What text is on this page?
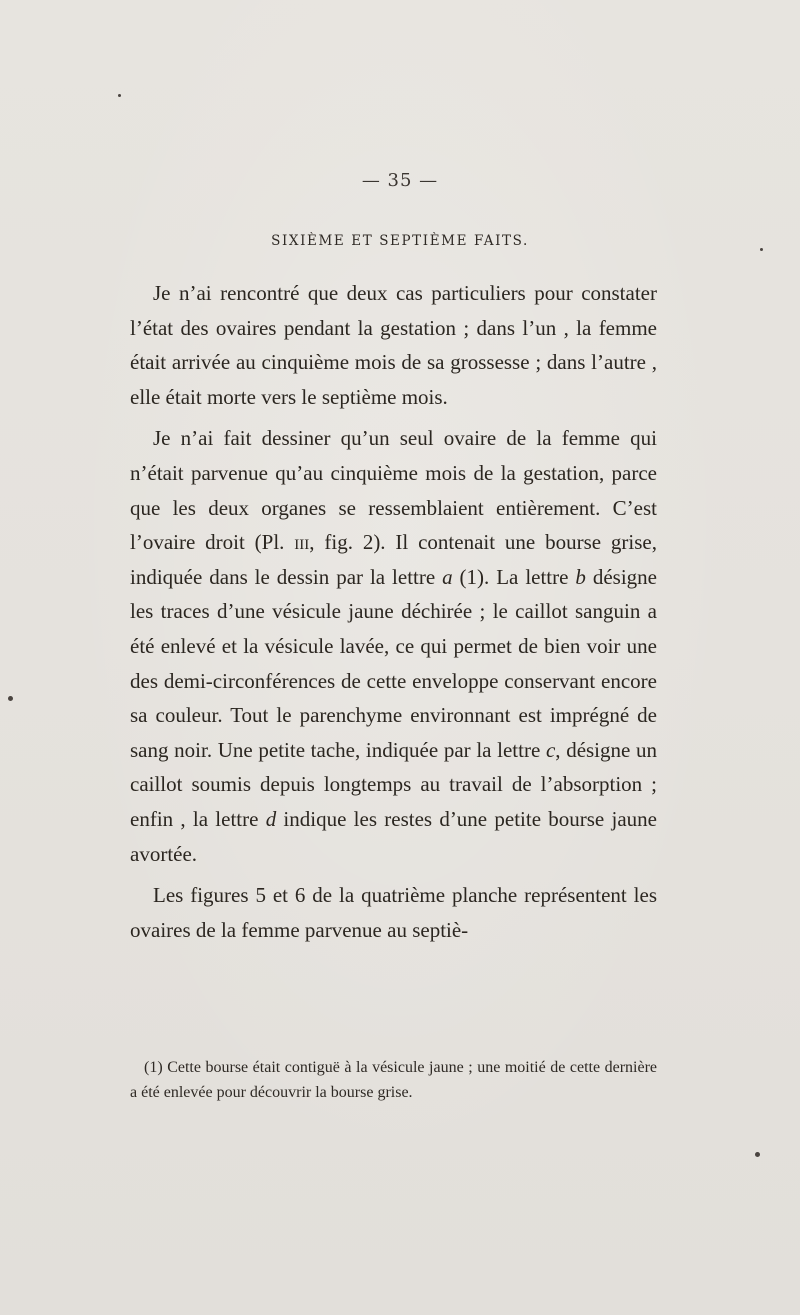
— 35 —
SIXIÈME ET SEPTIÈME FAITS.

Je n’ai rencontré que deux cas particuliers pour constater l’état des ovaires pendant la gestation ; dans l’un , la femme était arrivée au cinquième mois de sa grossesse ; dans l’autre , elle était morte vers le septième mois.

Je n’ai fait dessiner qu’un seul ovaire de la femme qui n’était parvenue qu’au cinquième mois de la gestation, parce que les deux organes se ressemblaient entièrement. C’est l’ovaire droit (Pl. iii, fig. 2). Il contenait une bourse grise, indiquée dans le dessin par la lettre a (1). La lettre b désigne les traces d’une vésicule jaune déchirée ; le caillot sanguin a été enlevé et la vésicule lavée, ce qui permet de bien voir une des demi-circonférences de cette enveloppe conservant encore sa couleur. Tout le parenchyme environnant est imprégné de sang noir. Une petite tache, indiquée par la lettre c, désigne un caillot soumis depuis longtemps au travail de l’absorption ; enfin , la lettre d indique les restes d’une petite bourse jaune avortée.

Les figures 5 et 6 de la quatrième planche représentent les ovaires de la femme parvenue au septiè-

(1) Cette bourse était contiguë à la vésicule jaune ; une moitié de cette dernière a été enlevée pour découvrir la bourse grise.
